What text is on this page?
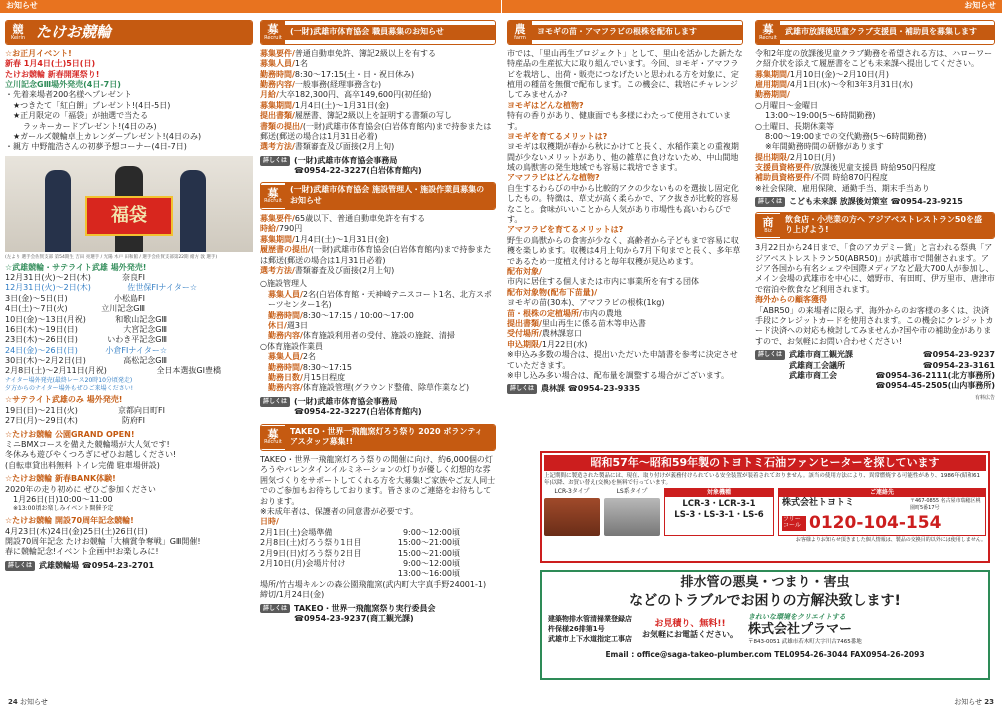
お知らせ	お知らせ
競
Keirin たけお競輪

☆お正月イベント!

新春 1月4日(土)5日(日)

たけお競輪 新春開運祭り!

立川記念GⅢ場外発売(4日-7日)

・先着来場者200名様へプレゼント

★つきたて「紅白餅」プレゼント!(4日-5日)

★正月限定の「福袋」が抽選で当たる

ラッキーカードプレゼント!(4日のみ)

★ガールズ競輪卓上カレンダープレゼント!(4日のみ)

・親方 中野龍浩さんの初夢予想コーナー(4日-7日)

福袋

(左より 選手会佐賀支部 第54期生 吉田 亮選手 / 光陽 木戸 田和館 / 選手会佐賀支部第22期 緒方 敦 選手)

☆武雄競輪・サテライト武雄 場外発売!

12月31日(火)〜2日(木)	奈良FⅠ
12月31日(火)〜2日(木)	佐世保FⅠナイター☆
3日(金)〜5日(日)	小松島FⅠ
4日(土)〜7日(火)	立川記念GⅢ
10日(金)〜13日(月祝)	和歌山記念GⅢ
16日(木)〜19日(日)	大宮記念GⅢ
23日(木)〜26日(日)	いわき平記念GⅢ
24日(金)〜26日(日)	小倉FⅠナイター☆
30日(木)〜2月2日(日)	高松記念GⅢ
2月8日(土)〜2月11日(月祝)	全日本選抜GⅠ豊橋

ナイター場外発売(最終レース20時10分頃発走)

夕方からのナイター場外もぜひご来場ください!

☆サテライト武雄のみ 場外発売!

19日(日)〜21日(火)	京都向日町FⅠ
27日(月)〜29日(木)	防府FⅠ

☆たけお競輪 公園GRAND OPEN!

ミニBMXコースを備えた競輪場が大人気です!

冬休みも遊びやくつろぎにぜひお越しください!

(自転車貸出料無料 トイレ完備 駐車場併設)

☆たけお競輪 新春BANK体験!

2020年の走り初めに ぜひご参加ください

1月26日(日)10:00〜11:00

※13:00頃お楽しみイベント開催予定

☆たけお競輪 開設70周年記念競輪!

4月23日(木)24日(金)25日(土)26日(日)

開設70周年記念 たけお競輪「大楠賞争奪戦」GⅢ開催!

春に競輪記念!イベント企画中!お楽しみに!

詳しくは 武雄競輪場 ☎0954-23-2701
募
Recruit
(一財)武雄市体育協会 職員募集のお知らせ

募集要件/普通自動車免許、簿記2級以上を有する

募集人員/1名

勤務時間/8:30〜17:15(土・日・祝日休み)

勤務内容/一般事務(経理事務含む)

月給/大卒182,300円、高卒149,600円(初任給)

募集期間/1月4日(土)〜1月31日(金)

提出書類/履歴書、簿記2級以上を証明する書類の写し

書類の提出/(一財)武雄市体育協会(白岩体育館内)まで持参または郵送(郵送の場合は1月31日必着)

選考方法/書類審査及び面接(2月上旬)

詳しくは (一財)武雄市体育協会事務局
☎0954-22-3227(白岩体育館内)
募
Recruit
(一財)武雄市体育協会 施設管理人・施設作業員募集のお知らせ

募集要件/65歳以下、普通自動車免許を有する

時給/790円

募集期間/1月4日(土)〜1月31日(金)

履歴書の提出/(一財)武雄市体育協会(白岩体育館内)まで持参または郵送(郵送の場合は1月31日必着)

選考方法/書類審査及び面接(2月上旬)

○施設管理人

募集人員/2名(白岩体育館・天神崎テニスコート1名、北方スポーツセンター1名)

勤務時間/8:30〜17:15 / 10:00〜17:00

休日/週3日

勤務内容/体育施設利用者の受付、施設の施錠、清掃

○体育施設作業員

募集人員/2名

勤務時間/8:30〜17:15

勤務日数/月15日程度

勤務内容/体育施設管理(グラウンド整備、除草作業など)

詳しくは (一財)武雄市体育協会事務局
☎0954-22-3227(白岩体育館内)
募
Recruit
TAKEO・世界一飛龍窯灯ろう祭り 2020 ボランティアスタッフ募集!!

TAKEO・世界一飛龍窯灯ろう祭りの開催に向け、約6,000個の灯ろうやバレンタインイルミネーションの灯りが優しく幻想的な雰囲気づくりをサポートしてくれる方を大募集!ご家族やご友人同士でのご参加もお待ちしております。皆さまのご連絡をお待ちしております。

※未成年者は、保護者の同意書が必要です。

日時/

2月1日(土)会場準備	9:00〜12:00頃
2月8日(土)灯ろう祭り1日目	15:00〜21:00頃
2月9日(日)灯ろう祭り2日目	15:00〜21:00頃
2月10日(月)会場片付け	9:00〜12:00頃
13:00〜16:00頃

場所/竹古場キルンの森公園飛龍窯(武内町大字真手野24001-1)

締切/1月24日(金)

詳しくは TAKEO・世界一飛龍窯祭り実行委員会
☎0954-23-9237(商工観光課)
農
farm
ヨモギの苗・アマフラビの根株を配布します

市では、「里山再生プロジェクト」として、里山を活かした新たな特産品の生産拡大に取り組んでいます。今回、ヨモギ・アマフラビを栽培し、出荷・販売につなげたいと思われる方を対象に、定植用の種苗を無償で配布します。この機会に、栽培にチャレンジしてみませんか?

ヨモギはどんな植物?

特有の香りがあり、健康面でも多様にわたって使用されています。

ヨモギを育てるメリットは?

ヨモギは収穫期が春から秋にかけてと長く、水稲作業との重複期間が少ないメリットがあり、他の雑草に負けないため、中山間地域の鳥獣害の発生地域でも容易に栽培できます。

アマフラビはどんな植物?

自生するわらびの中から比較的アクの少ないものを選抜し固定化したもの。特徴は、草丈が高く柔らかで、アク抜きが比較的容易なこと。食味がいいことから人気があり市場性も高いわらびです。

アマフラビを育てるメリットは?

野生の鳥獣からの食害が少なく、高齢者から子どもまで容易に収穫を楽しめます。収穫は4月上旬から7月下旬までと長く、多年草であるため一度植え付けると毎年収穫が見込めます。

配布対象/

市内に居住する個人または市内に事業所を有する団体

配布対象物(配布下苗量)/

ヨモギの苗(30本)、アマフラビの根株(1kg)

苗・根株の定植場所/市内の農地

提出書類/里山再生に係る苗木等申込書

受付場所/農林課窓口

申込期限/1月22日(水)

※申込み多数の場合は、提出いただいた申請書を参考に決定させていただきます。

※申し込み多い場合は、配布量を調整する場合がございます。

詳しくは 農林課 ☎0954-23-9335
募
Recruit
武雄市放課後児童クラブ支援員・補助員を募集します

令和2年度の放課後児童クラブ勤務を希望される方は、ハローワーク紹介状を添えて履歴書をこども未来課へ提出してください。

募集期間/1月10日(金)〜2月10日(月)

雇用期間/4月1日(水)〜令和3年3月31日(水)

勤務期間/

○月曜日〜金曜日

13:00〜19:00(5〜6時間勤務)

○土曜日、長期休業等

8:00〜19:00までの交代勤務(5〜6時間勤務)

※年間勤務時間の研修があります

提出期限/2月10日(月)

支援員資格要件/放課後児童支援員 時給950円程度

補助員資格要件/不問 時給870円程度

※社会保険、雇用保険、通勤手当、期末手当あり

詳しくは こども未来課 放課後対策室 ☎0954-23-9215
商
Biz
飲食店・小売業の方へ アジアベストレストラン50を盛り上げよう!

3月22日から24日まで、「食のアカデミー賞」と言われる祭典「アジアベストレストラン50(ABR50)」が武雄市で開催されます。アジア各国から有名シェフや国際メディアなど最大700人が参加し、メイン会場の武雄市を中心に、嬉野市、有田町、伊万里市、唐津市で宿泊や飲食など利用されます。

海外からの顧客獲得

「ABR50」の来場者に限らず、海外からのお客様の多くは、決済手段にクレジットカードを使用されます。この機会にクレジットカード決済への対応も検討してみませんか?国や市の補助金がありますので、お気軽にお問い合わせください!

詳しくは 武雄市商工観光課	☎0954-23-9237
武雄商工会議所	☎0954-23-3161
武雄市商工会	☎0954-36-2111(北方事務所)
☎0954-45-2505(山内事務所)

有料広告

昭和57年〜昭和59年製のトヨトミ石油ファンヒーターを探しています

上記期間に製造された製品には、現在、取り付けが義務付けられている安全装置が装着されておりません。該当の使用方法により、異常燃焼する可能性があり、1986年(昭和61年)以降、お買い替え(交換)を無料で行っています。

LCR-3タイプ	LS系タイプ	対象機種
LCR-3・LCR-3-1
LS-3・LS-3-1・LS-6
ご連絡先
株式会社トヨトミ	〒467-0855 名古屋市瑞穂区桃園町5番17号
フリーコール 0120-104-154

お客様よりお知らせ頂きました個人情報は、製品の交換目的以外には使用しません。

排水管の悪臭・つまり・害虫

などのトラブルでお困りの方解決致します!

建築物排水管清掃業登録店

杵保様26排第1号

武雄市上下水道指定工事店

お見積り、無料!!

お気軽にお電話ください。

きれいな環境をクリエイトする

株式会社プラマー

〒843-0051 武雄市若木町大字川古7465番地

Email : office@saga-takeo-plumber.com TEL0954-26-3044 FAX0954-26-2093

24 お知らせ	お知らせ 23
